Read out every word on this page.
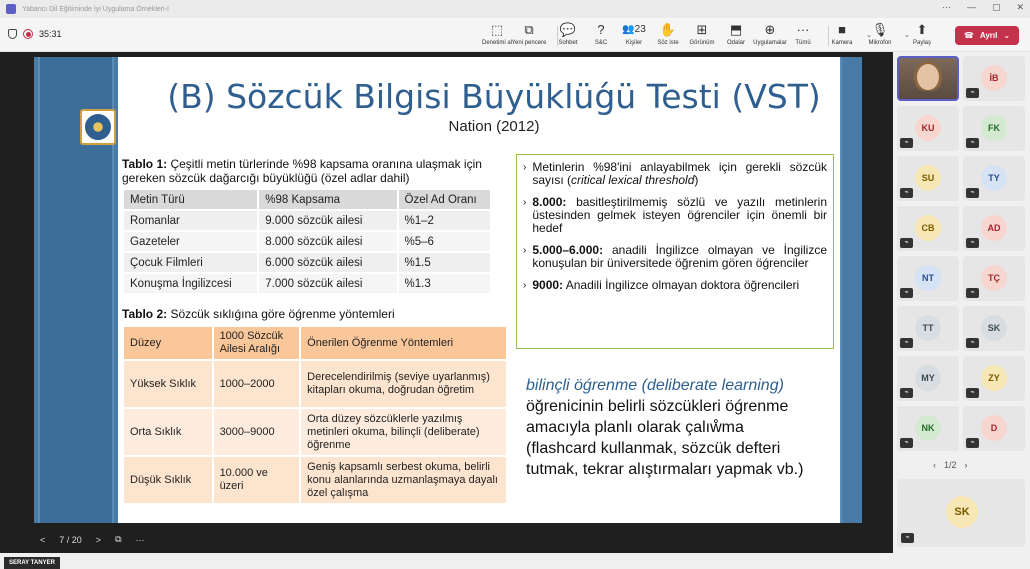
Yabancı Dil Eğitiminde İyi Uygulama Örnekleri-I	··· — ▢ ✕
35:31	⬚
Denetimi al
⧉
Yeni pencere
💬
Sohbet
?
S&C
👥23
Kişiler
✋
Söz iste
⊞
Görünüm
⬒
Odalar
⊕
Uygulamalar
···
Tümü
■
Kamera
🎙
Mikrofon
⬆
Paylaş
⌄	⌄	☎ Ayrıl ⌄
(B) Sözcük Bilgisi Büyüklüǵü Testi (VST)
Nation (2012)
Tablo 1: Çeşitli metin türlerinde %98 kapsama oranına ulaşmak için gereken sözcük dağarcığı büyüklüğü (özel adlar dahil)
Metin Türü	%98 Kapsama	Özel Ad Oranı
Romanlar	9.000 sözcük ailesi	%1–2
Gazeteler	8.000 sözcük ailesi	%5–6
Çocuk Filmleri	6.000 sözcük ailesi	%1.5
Konuşma İngilizcesi	7.000 sözcük ailesi	%1.3
Tablo 2: Sözcük sıklıǵına göre öǵrenme yöntemleri
Düzey	1000 Sözcük Ailesi Aralığı	Önerilen Öğrenme Yöntemleri
Yüksek Sıklık	1000–2000	Derecelendirilmiş (seviye uyarlanmış) kitapları okuma, doğrudan öğretim
Orta Sıklık	3000–9000	Orta düzey sözcüklerle yazılmış metinleri okuma, bilinçli (deliberate) öğrenme
Düşük Sıklık	10.000 ve üzeri	Geniş kapsamlı serbest okuma, belirli konu alanlarında uzmanlaşmaya dayalı özel çalışma
› Metinlerin %98'ini anlayabilmek için gerekli sözcük sayısı (critical lexical threshold)
› 8.000: basitleştirilmemiş sözlü ve yazılı metinlerin üstesinden gelmek isteyen öǵrenciler için önemli bir hedef
› 5.000–6.000: anadili İngilizce olmayan ve İngilizce konuşulan bir üniversitede öğrenim gören öǵrenciler
› 9000: Anadili İngilizce olmayan doktora öğrencileri
bilinçli öǵrenme (deliberate learning)
öğrenicinin belirli sözcükleri öǵrenme
amacıyla planlı olarak çalıẘma
(flashcard kullanmak, sözcük defteri tutmak, tekrar alıştırmaları yapmak vb.)
SERAY TANYER
< 7 / 20 > ⧉ ···
‹ 1/2 ›
SK
⌁
İB
⌁
KU
⌁
FK
⌁
SU
⌁
TY
⌁
CB
⌁
AD
⌁
NT
⌁
TÇ
⌁
TT
⌁
SK
⌁
MY
⌁
ZY
⌁
NK
⌁
D
⌁
